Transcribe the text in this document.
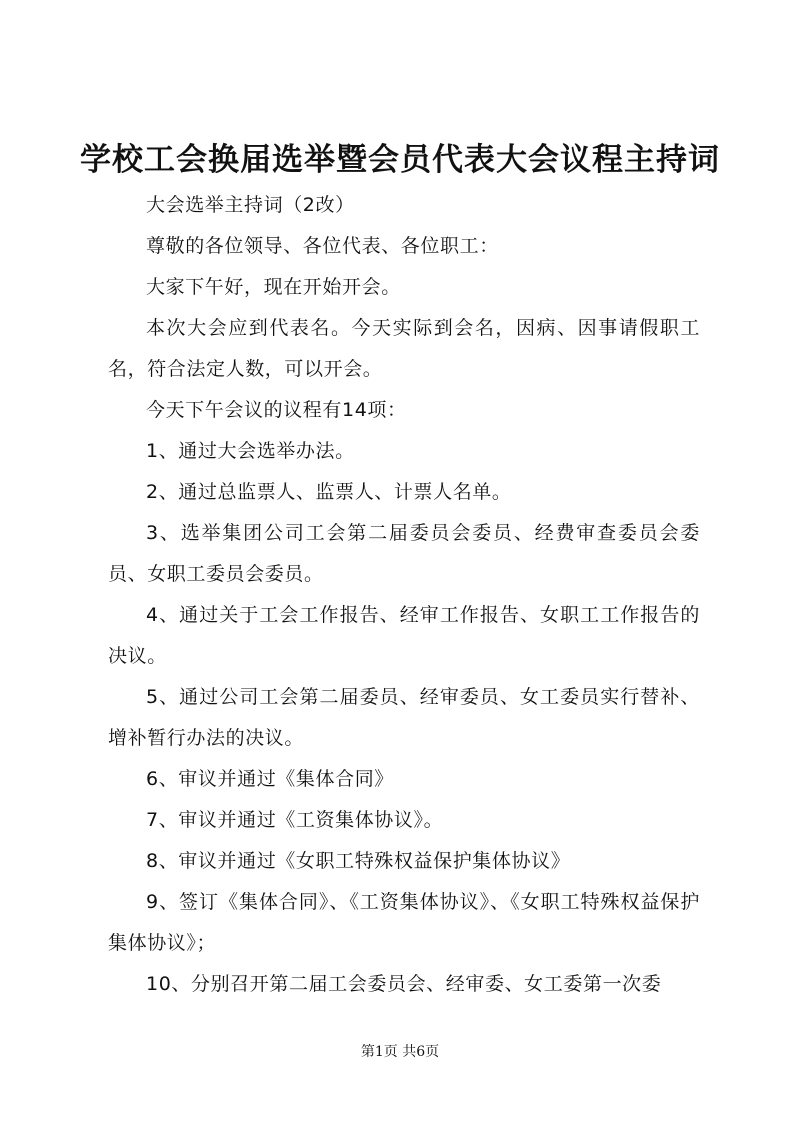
学校工会换届选举暨会员代表大会议程主持词

大会选举主持词（2改）

尊敬的各位领导、各位代表、各位职工：

大家下午好，现在开始开会。

本次大会应到代表名。今天实际到会名，因病、因事请假职工名，符合法定人数，可以开会。

今天下午会议的议程有14项：

1、通过大会选举办法。

2、通过总监票人、监票人、计票人名单。

3、选举集团公司工会第二届委员会委员、经费审查委员会委员、女职工委员会委员。

4、通过关于工会工作报告、经审工作报告、女职工工作报告的决议。

5、通过公司工会第二届委员、经审委员、女工委员实行替补、增补暂行办法的决议。

6、审议并通过《集体合同》

7、审议并通过《工资集体协议》。

8、审议并通过《女职工特殊权益保护集体协议》

9、签订《集体合同》、《工资集体协议》、《女职工特殊权益保护集体协议》；

10、分别召开第二届工会委员会、经审委、女工委第一次委

第1页 共6页
